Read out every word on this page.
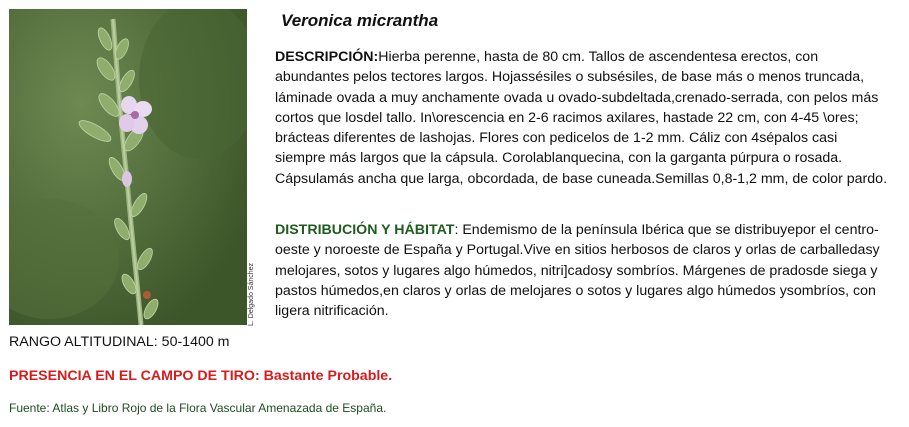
L. Delgado Sánchez
Veronica micrantha

DESCRIPCIÓN:Hierba perenne, hasta de 80 cm. Tallos de ascendentesa erectos, con abundantes pelos tectores largos. Hojassésiles o subsésiles, de base más o menos truncada, láminade ovada a muy anchamente ovada u ovado-subdeltada,crenado-serrada, con pelos más cortos que losdel tallo. In\orescencia en 2-6 racimos axilares, hastade 22 cm, con 4-45 \ores; brácteas diferentes de lashojas. Flores con pedicelos de 1-2 mm. Cáliz con 4sépalos casi siempre más largos que la cápsula. Corolablanquecina, con la garganta púrpura o rosada. Cápsulamás ancha que larga, obcordada, de base cuneada.Semillas 0,8-1,2 mm, de color pardo.

DISTRIBUCIÓN Y HÁBITAT: Endemismo de la península Ibérica que se distribuyepor el centro-oeste y noroeste de España y Portugal.Vive en sitios herbosos de claros y orlas de carballedasy melojares, sotos y lugares algo húmedos, nitri]cadosy sombríos. Márgenes de pradosde siega y pastos húmedos,en claros y orlas de melojares o sotos y lugares algo húmedos ysombríos, con ligera nitrificación.

RANGO ALTITUDINAL: 50-1400 m
PRESENCIA EN EL CAMPO DE TIRO: Bastante Probable.
Fuente: Atlas y Libro Rojo de la Flora Vascular Amenazada de España.
